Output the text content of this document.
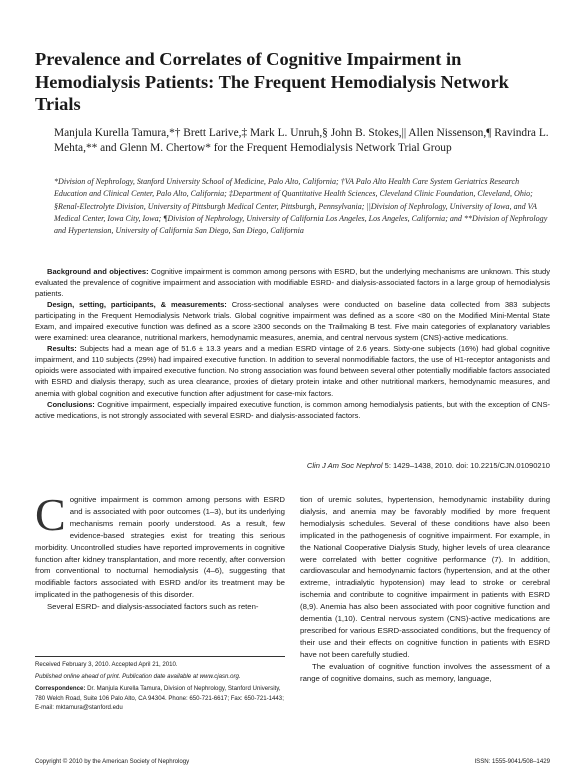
Prevalence and Correlates of Cognitive Impairment in Hemodialysis Patients: The Frequent Hemodialysis Network Trials

Manjula Kurella Tamura,*† Brett Larive,‡ Mark L. Unruh,§ John B. Stokes,|| Allen Nissenson,¶ Ravindra L. Mehta,** and Glenn M. Chertow* for the Frequent Hemodialysis Network Trial Group

*Division of Nephrology, Stanford University School of Medicine, Palo Alto, California; †VA Palo Alto Health Care System Geriatrics Research Education and Clinical Center, Palo Alto, California; ‡Department of Quantitative Health Sciences, Cleveland Clinic Foundation, Cleveland, Ohio; §Renal-Electrolyte Division, University of Pittsburgh Medical Center, Pittsburgh, Pennsylvania; ||Division of Nephrology, University of Iowa, and VA Medical Center, Iowa City, Iowa; ¶Division of Nephrology, University of California Los Angeles, Los Angeles, California; and **Division of Nephrology and Hypertension, University of California San Diego, San Diego, California

Background and objectives: Cognitive impairment is common among persons with ESRD, but the underlying mechanisms are unknown. This study evaluated the prevalence of cognitive impairment and association with modifiable ESRD- and dialysis-associated factors in a large group of hemodialysis patients.

Design, setting, participants, & measurements: Cross-sectional analyses were conducted on baseline data collected from 383 subjects participating in the Frequent Hemodialysis Network trials. Global cognitive impairment was defined as a score <80 on the Modified Mini-Mental State Exam, and impaired executive function was defined as a score ≥300 seconds on the Trailmaking B test. Five main categories of explanatory variables were examined: urea clearance, nutritional markers, hemodynamic measures, anemia, and central nervous system (CNS)-active medications.

Results: Subjects had a mean age of 51.6 ± 13.3 years and a median ESRD vintage of 2.6 years. Sixty-one subjects (16%) had global cognitive impairment, and 110 subjects (29%) had impaired executive function. In addition to several nonmodifiable factors, the use of H1-receptor antagonists and opioids were associated with impaired executive function. No strong association was found between several other potentially modifiable factors associated with ESRD and dialysis therapy, such as urea clearance, proxies of dietary protein intake and other nutritional markers, hemodynamic measures, and anemia with global cognition and executive function after adjustment for case-mix factors.

Conclusions: Cognitive impairment, especially impaired executive function, is common among hemodialysis patients, but with the exception of CNS-active medications, is not strongly associated with several ESRD- and dialysis-associated factors.

Clin J Am Soc Nephrol 5: 1429–1438, 2010. doi: 10.2215/CJN.01090210

Cognitive impairment is common among persons with ESRD and is associated with poor outcomes (1–3), but its underlying mechanisms remain poorly understood. As a result, few evidence-based strategies exist for treating this serious morbidity. Uncontrolled studies have reported improvements in cognitive function after kidney transplantation, and more recently, after conversion from conventional to nocturnal hemodialysis (4–6), suggesting that modifiable factors associated with ESRD and/or its treatment may be implicated in the pathogenesis of this disorder.

Several ESRD- and dialysis-associated factors such as reten-

tion of uremic solutes, hypertension, hemodynamic instability during dialysis, and anemia may be favorably modified by more frequent hemodialysis schedules. Several of these conditions have also been implicated in the pathogenesis of cognitive impairment. For example, in the National Cooperative Dialysis Study, higher levels of urea clearance were correlated with better cognitive performance (7). In addition, cardiovascular and hemodynamic factors (hypertension, and at the other extreme, intradialytic hypotension) may lead to stroke or cerebral ischemia and contribute to cognitive impairment in patients with ESRD (8,9). Anemia has also been associated with poor cognitive function and dementia (1,10). Central nervous system (CNS)-active medications are prescribed for various ESRD-associated conditions, but the frequency of their use and their effects on cognitive function in patients with ESRD have not been carefully studied.

The evaluation of cognitive function involves the assessment of a range of cognitive domains, such as memory, language,

Received February 3, 2010. Accepted April 21, 2010.

Published online ahead of print. Publication date available at www.cjasn.org.

Correspondence: Dr. Manjula Kurella Tamura, Division of Nephrology, Stanford University, 780 Welch Road, Suite 106 Palo Alto, CA 94304. Phone: 650-721-6617; Fax: 650-721-1443; E-mail: mktamura@stanford.edu

Copyright © 2010 by the American Society of Nephrology	ISSN: 1555-9041/508–1429
